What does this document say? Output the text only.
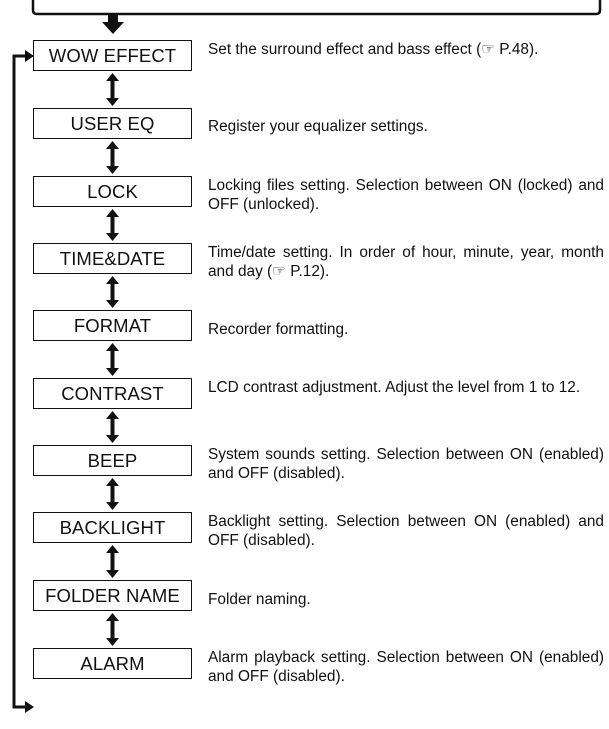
WOW EFFECT	Set the surround effect and bass effect (☞ P.48).
USER EQ	Register your equalizer settings.
LOCK	Locking files setting. Selection between ON (locked) and OFF (unlocked).
TIME&DATE	Time/date setting. In order of hour, minute, year, month and day (☞ P.12).
FORMAT	Recorder formatting.
CONTRAST	LCD contrast adjustment. Adjust the level from 1 to 12.
BEEP	System sounds setting. Selection between ON (enabled) and OFF (disabled).
BACKLIGHT	Backlight setting. Selection between ON (enabled) and OFF (disabled).
FOLDER NAME	Folder naming.
ALARM	Alarm playback setting. Selection between ON (enabled) and OFF (disabled).
